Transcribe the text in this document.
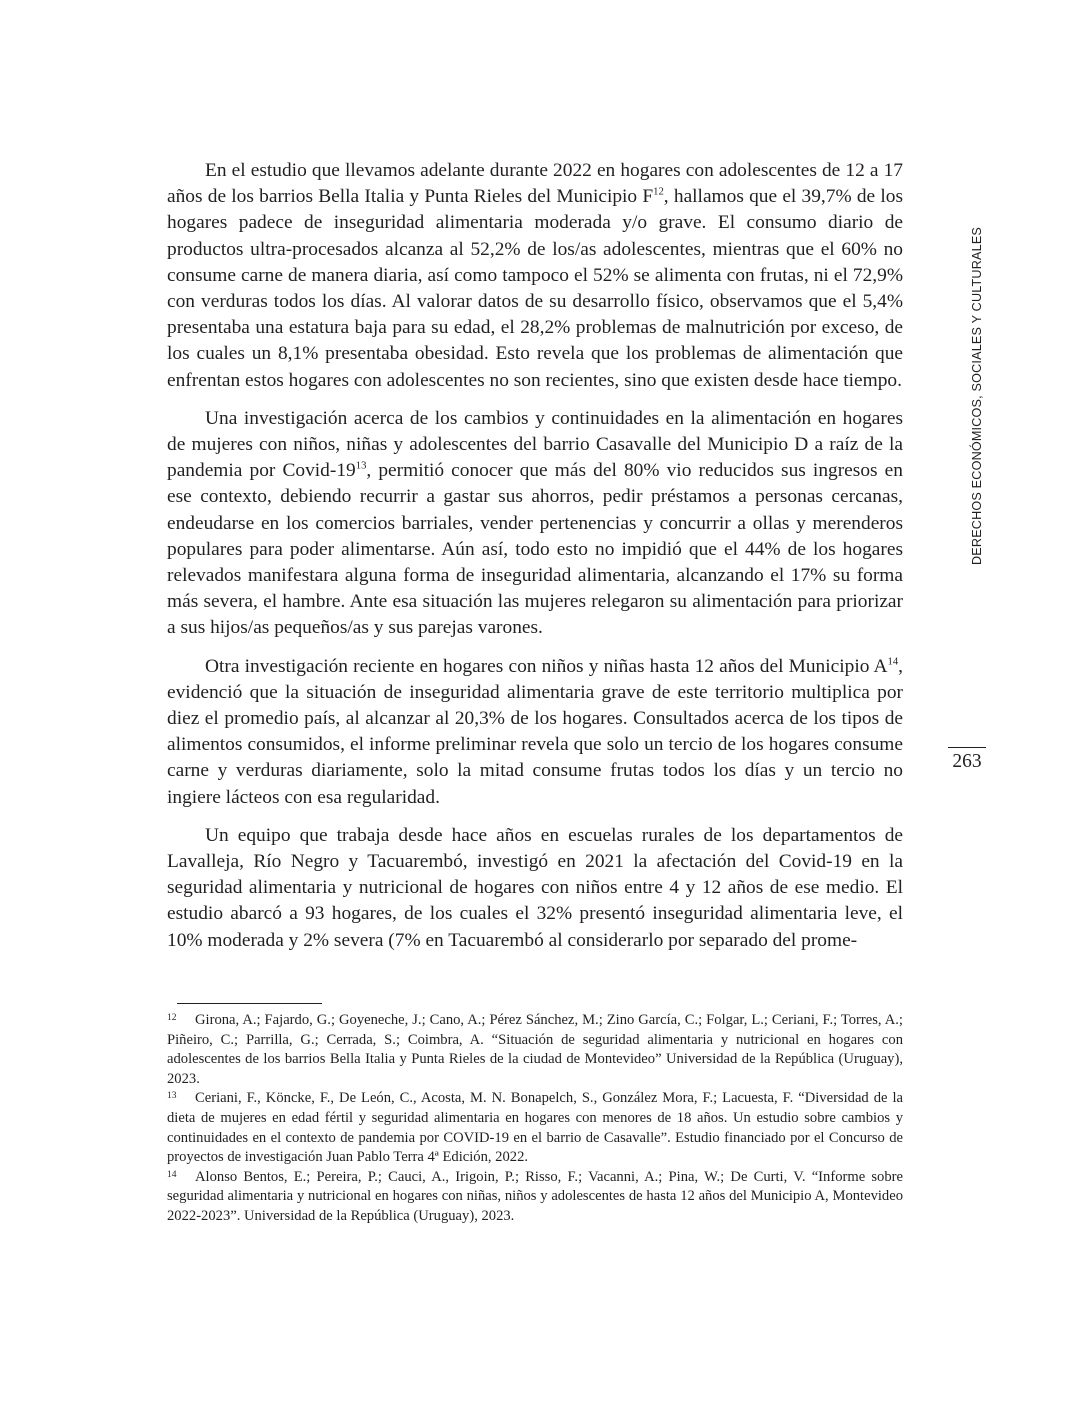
En el estudio que llevamos adelante durante 2022 en hogares con adolescentes de 12 a 17 años de los barrios Bella Italia y Punta Rieles del Municipio $F^{12}$, hallamos que el 39,7% de los hogares padece de inseguridad alimentaria moderada y/o grave. El consumo diario de productos ultra-procesados alcanza al 52,2% de los/as adolescentes, mientras que el 60% no consume carne de manera diaria, así como tampoco el 52% se alimenta con frutas, ni el 72,9% con verduras todos los días. Al valorar datos de su desarrollo físico, observamos que el 5,4% presentaba una estatura baja para su edad, el 28,2% problemas de malnutrición por exceso, de los cuales un 8,1% presentaba obesidad. Esto revela que los problemas de alimentación que enfrentan estos hogares con adolescentes no son recientes, sino que existen desde hace tiempo.

Una investigación acerca de los cambios y continuidades en la alimentación en hogares de mujeres con niños, niñas y adolescentes del barrio Casavalle del Municipio D a raíz de la pandemia por Covid-$19^{13}$, permitió conocer que más del 80% vio reducidos sus ingresos en ese contexto, debiendo recurrir a gastar sus ahorros, pedir préstamos a personas cercanas, endeudarse en los comercios barriales, vender pertenencias y concurrir a ollas y merenderos populares para poder alimentarse. Aún así, todo esto no impidió que el 44% de los hogares relevados manifestara alguna forma de inseguridad alimentaria, alcanzando el 17% su forma más severa, el hambre. Ante esa situación las mujeres relegaron su alimentación para priorizar a sus hijos/as pequeños/as y sus parejas varones.

Otra investigación reciente en hogares con niños y niñas hasta 12 años del Municipio $A^{14}$, evidenció que la situación de inseguridad alimentaria grave de este territorio multiplica por diez el promedio país, al alcanzar al 20,3% de los hogares. Consultados acerca de los tipos de alimentos consumidos, el informe preliminar revela que solo un tercio de los hogares consume carne y verduras diariamente, solo la mitad consume frutas todos los días y un tercio no ingiere lácteos con esa regularidad.

Un equipo que trabaja desde hace años en escuelas rurales de los departamentos de Lavalleja, Río Negro y Tacuarembó, investigó en 2021 la afectación del Covid-19 en la seguridad alimentaria y nutricional de hogares con niños entre 4 y 12 años de ese medio. El estudio abarcó a 93 hogares, de los cuales el 32% presentó inseguridad alimentaria leve, el 10% moderada y 2% severa (7% en Tacuarembó al considerarlo por separado del prome-

12 Girona, A.; Fajardo, G.; Goyeneche, J.; Cano, A.; Pérez Sánchez, M.; Zino García, C.; Folgar, L.; Ceriani, F.; Torres, A.; Piñeiro, C.; Parrilla, G.; Cerrada, S.; Coimbra, A. “Situación de seguridad alimentaria y nutricional en hogares con adolescentes de los barrios Bella Italia y Punta Rieles de la ciudad de Montevideo” Universidad de la República (Uruguay), 2023.

13 Ceriani, F., Köncke, F., De León, C., Acosta, M. N. Bonapelch, S., González Mora, F.; Lacuesta, F. “Diversidad de la dieta de mujeres en edad fértil y seguridad alimentaria en hogares con menores de 18 años. Un estudio sobre cambios y continuidades en el contexto de pandemia por COVID-19 en el barrio de Casavalle”. Estudio financiado por el Concurso de proyectos de investigación Juan Pablo Terra 4ª Edición, 2022.

14 Alonso Bentos, E.; Pereira, P.; Cauci, A., Irigoin, P.; Risso, F.; Vacanni, A.; Pina, W.; De Curti, V. “Informe sobre seguridad alimentaria y nutricional en hogares con niñas, niños y adolescentes de hasta 12 años del Municipio A, Montevideo 2022-2023”. Universidad de la República (Uruguay), 2023.

DERECHOS ECONÓMICOS, SOCIALES Y CULTURALES
263
